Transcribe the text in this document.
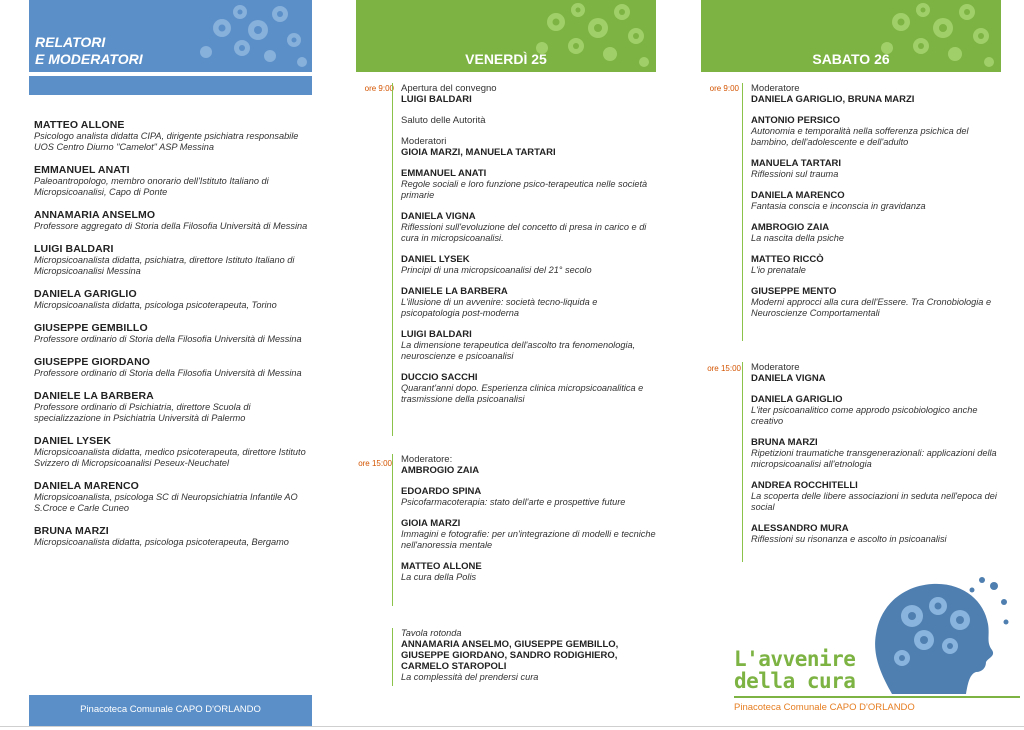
RELATORI
E MODERATORI
MATTEO ALLONE
Psicologo analista didatta CIPA, dirigente psichiatra responsabile UOS Centro Diurno "Camelot" ASP Messina
EMMANUEL ANATI
Paleoantropologo, membro onorario dell'Istituto Italiano di Micropsicoanalisi, Capo di Ponte
ANNAMARIA ANSELMO
Professore aggregato di Storia della Filosofia Università di Messina
LUIGI BALDARI
Micropsicoanalista didatta, psichiatra, direttore Istituto Italiano di Micropsicoanalisi Messina
DANIELA GARIGLIO
Micropsicoanalista didatta, psicologa psicoterapeuta, Torino
GIUSEPPE GEMBILLO
Professore ordinario di Storia della Filosofia Università di Messina
GIUSEPPE GIORDANO
Professore ordinario di Storia della Filosofia Università di Messina
DANIELE LA BARBERA
Professore ordinario di Psichiatria, direttore Scuola di specializzazione in Psichiatria Università di Palermo
DANIEL LYSEK
Micropsicoanalista didatta, medico psicoterapeuta, direttore Istituto Svizzero di Micropsicoanalisi Peseux-Neuchatel
DANIELA MARENCO
Micropsicoanalista, psicologa SC di Neuropsichiatria Infantile AO S.Croce e Carle Cuneo
BRUNA MARZI
Micropsicoanalista didatta, psicologa psicoterapeuta, Bergamo
Pinacoteca Comunale CAPO D'ORLANDO
VENERDÌ 25
ore 9:00 Apertura del convegno
LUIGI BALDARI
Saluto delle Autorità
Moderatori
GIOIA MARZI, MANUELA TARTARI
EMMANUEL ANATI
Regole sociali e loro funzione psico-terapeutica nelle società primarie
DANIELA VIGNA
Riflessioni sull'evoluzione del concetto di presa in carico e di cura in micropsicoanalisi.
DANIEL LYSEK
Principi di una micropsicoanalisi del 21° secolo
DANIELE LA BARBERA
L'illusione di un avvenire: società tecno-liquida e psicopatologia post-moderna
LUIGI BALDARI
La dimensione terapeutica dell'ascolto tra fenomenologia, neuroscienze e psicoanalisi
DUCCIO SACCHI
Quarant'anni dopo. Esperienza clinica micropsicoanalitica e trasmissione della psicoanalisi
ore 15:00 Moderatore:
AMBROGIO ZAIA
EDOARDO SPINA
Psicofarmacoterapia: stato dell'arte e prospettive future
GIOIA MARZI
Immagini e fotografie: per un'integrazione di modelli e tecniche nell'anoressia mentale
MATTEO ALLONE
La cura della Polis
Tavola rotonda
ANNAMARIA ANSELMO, GIUSEPPE GEMBILLO, GIUSEPPE GIORDANO, SANDRO RODIGHIERO, CARMELO STAROPOLI
La complessità del prendersi cura
SABATO 26
ore 9:00 Moderatore
DANIELA GARIGLIO, BRUNA MARZI
ANTONIO PERSICO
Autonomia e temporalità nella sofferenza psichica del bambino, dell'adolescente e dell'adulto
MANUELA TARTARI
Riflessioni sul trauma
DANIELA MARENCO
Fantasia conscia e inconscia in gravidanza
AMBROGIO ZAIA
La nascita della psiche
MATTEO RICCÒ
L'io prenatale
GIUSEPPE MENTO
Moderni approcci alla cura dell'Essere. Tra Cronobiologia e Neuroscienze Comportamentali
ore 15:00 Moderatore
DANIELA VIGNA
DANIELA GARIGLIO
L'iter psicoanalitico come approdo psicobiologico anche creativo
BRUNA MARZI
Ripetizioni traumatiche transgenerazionali: applicazioni della micropsicoanalisi all'etnologia
ANDREA ROCCHITELLI
La scoperta delle libere associazioni in seduta nell'epoca dei social
ALESSANDRO MURA
Riflessioni su risonanza e ascolto in psicoanalisi
L'avvenire
della cura
Pinacoteca Comunale CAPO D'ORLANDO
